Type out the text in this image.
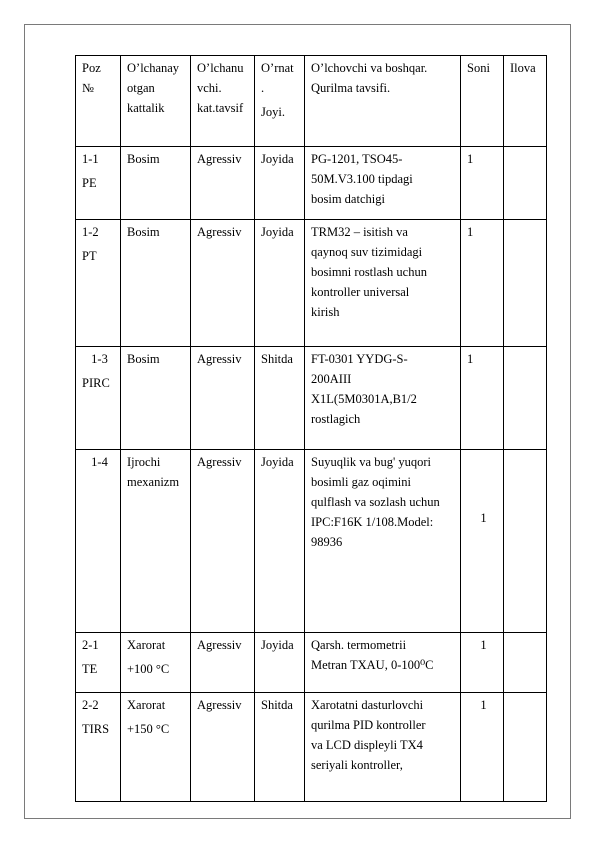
Poz
№	O’lchanay
otgan
kattalik	O’lchanu
vchi.
kat.tavsif	O’rnat
.
Joyi.	O’lchovchi va boshqar.
Qurilma tavsifi.	Soni	Ilova

1-1
PE	Bosim	Agressiv	Joyida	PG-1201, TSO45-
50M.V3.100 tipdagi
bosim datchigi	1	

1-2
PT	Bosim	Agressiv	Joyida	TRM32 – isitish va
qaynoq suv tizimidagi
bosimni rostlash uchun
kontroller universal
kirish	1	

1-3
PIRC	Bosim	Agressiv	Shitda	FT-0301 YYDG-S-
200AIII
X1L(5M0301A,B1/2
rostlagich	1	

1-4	Ijrochi
mexanizm	Agressiv	Joyida	Suyuqlik va bug' yuqori
bosimli gaz oqimini
qulflash va sozlash uchun
IPC:F16K 1/108.Model:
98936	1	

2-1
TE	Xarorat
+100 °C	Agressiv	Joyida	Qarsh. termometrii
Metran TXAU, 0-100⁰C	1	

2-2
TIRS	Xarorat
+150 °C	Agressiv	Shitda	Xarotatni dasturlovchi
qurilma PID kontroller
va LCD displeyli TX4
seriyali kontroller,	1	
